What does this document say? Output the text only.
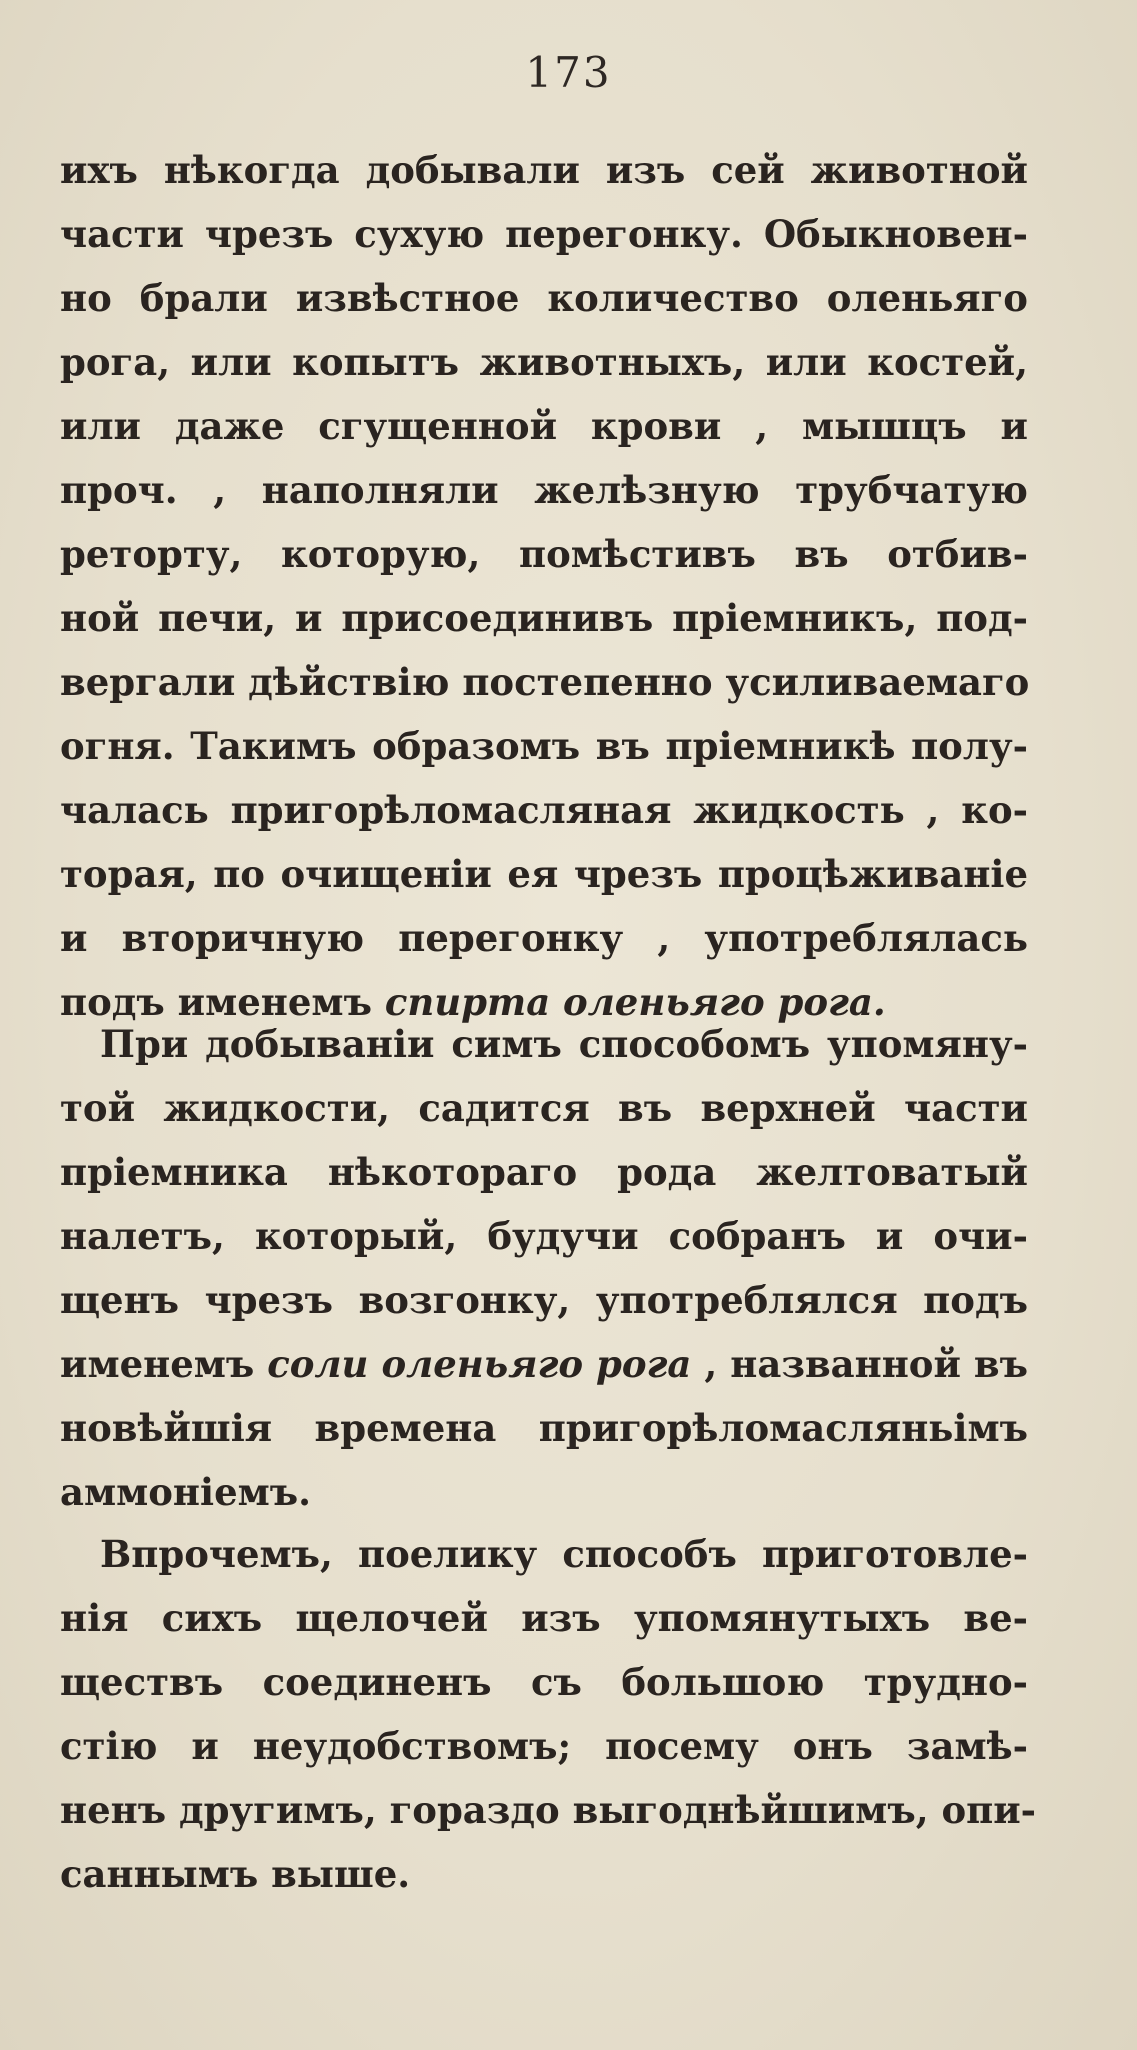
173
ихъ нѣкогда добывали изъ сей животной
части чрезъ сухую перегонку. Обыкновен-
но брали извѣстное количество оленьяго
рога, или копытъ животныхъ, или костей,
или даже сгущенной крови , мышцъ и
проч. , наполняли желѣзную трубчатую
реторту, которую, помѣстивъ въ отбив-
ной печи, и присоединивъ пріемникъ, под-
вергали дѣйствію постепенно усиливаемаго
огня. Такимъ образомъ въ пріемникѣ полу-
чалась пригорѣломасляная жидкость , ко-
торая, по очищеніи ея чрезъ процѣживаніе
и вторичную перегонку , употреблялась
подъ именемъ спирта оленьяго рога.
При добываніи симъ способомъ упомяну-
той жидкости, садится въ верхней части
пріемника нѣкотораго рода желтоватый
налетъ, который, будучи собранъ и очи-
щенъ чрезъ возгонку, употреблялся подъ
именемъ соли оленьяго рога , названной въ
новѣйшія времена пригорѣломасляньімъ
аммоніемъ.
Впрочемъ, поелику способъ приготовле-
нія сихъ щелочей изъ упомянутыхъ ве-
ществъ соединенъ съ большою трудно-
стію и неудобствомъ; посему онъ замѣ-
ненъ другимъ, гораздо выгоднѣйшимъ, опи-
саннымъ выше.
